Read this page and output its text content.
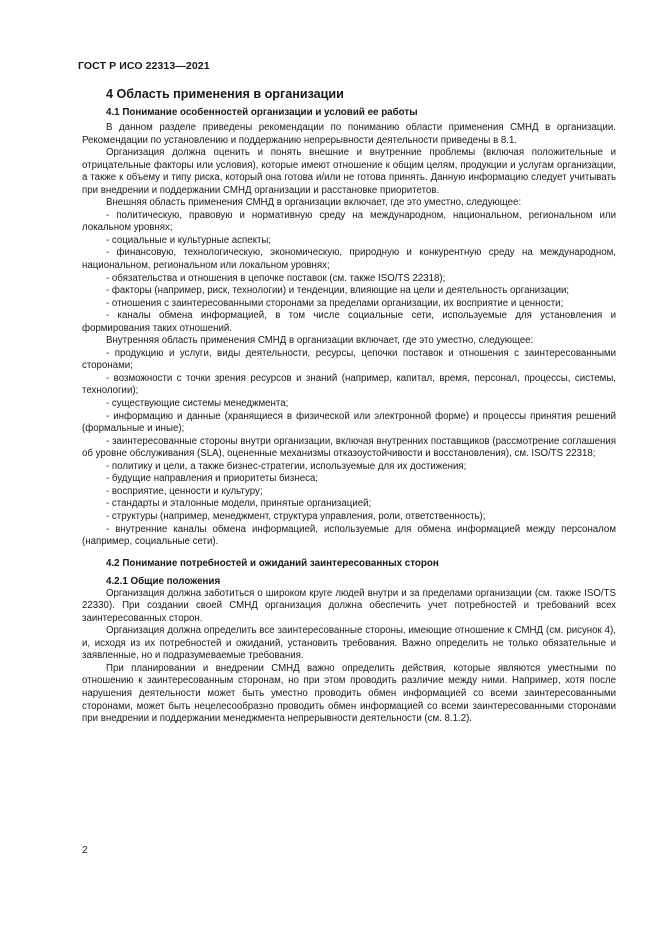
ГОСТ Р ИСО 22313—2021
4 Область применения в организации
4.1 Понимание особенностей организации и условий ее работы

В данном разделе приведены рекомендации по пониманию области применения СМНД в организации. Рекомендации по установлению и поддержанию непрерывности деятельности приведены в 8.1.

Организация должна оценить и понять внешние и внутренние проблемы (включая положительные и отрицательные факторы или условия), которые имеют отношение к общим целям, продукции и услугам организации, а также к объему и типу риска, который она готова и/или не готова принять. Данную информацию следует учитывать при внедрении и поддержании СМНД организации и расстановке приоритетов.

Внешняя область применения СМНД в организации включает, где это уместно, следующее:

- политическую, правовую и нормативную среду на международном, национальном, региональном или локальном уровнях;

- социальные и культурные аспекты;

- финансовую, технологическую, экономическую, природную и конкурентную среду на международном, национальном, региональном или локальном уровнях;

- обязательства и отношения в цепочке поставок (см. также ISO/TS 22318);

- факторы (например, риск, технологии) и тенденции, влияющие на цели и деятельность организации;

- отношения с заинтересованными сторонами за пределами организации, их восприятие и ценности;

- каналы обмена информацией, в том числе социальные сети, используемые для установления и формирования таких отношений.

Внутренняя область применения СМНД в организации включает, где это уместно, следующее:

- продукцию и услуги, виды деятельности, ресурсы, цепочки поставок и отношения с заинтересованными сторонами;

- возможности с точки зрения ресурсов и знаний (например, капитал, время, персонал, процессы, системы, технологии);

- существующие системы менеджмента;

- информацию и данные (хранящиеся в физической или электронной форме) и процессы принятия решений (формальные и иные);

- заинтересованные стороны внутри организации, включая внутренних поставщиков (рассмотрение соглашения об уровне обслуживания (SLA), оцененные механизмы отказоустойчивости и восстановления), см. ISO/TS 22318;

- политику и цели, а также бизнес-стратегии, используемые для их достижения;

- будущие направления и приоритеты бизнеса;

- восприятие, ценности и культуру;

- стандарты и эталонные модели, принятые организацией;

- структуры (например, менеджмент, структура управления, роли, ответственность);

- внутренние каналы обмена информацией, используемые для обмена информацией между персоналом (например, социальные сети).

4.2 Понимание потребностей и ожиданий заинтересованных сторон
4.2.1 Общие положения

Организация должна заботиться о широком круге людей внутри и за пределами организации (см. также ISO/TS 22330). При создании своей СМНД организация должна обеспечить учет потребностей и требований всех заинтересованных сторон.

Организация должна определить все заинтересованные стороны, имеющие отношение к СМНД (см. рисунок 4), и, исходя из их потребностей и ожиданий, установить требования. Важно определить не только обязательные и заявленные, но и подразумеваемые требования.

При планировании и внедрении СМНД важно определить действия, которые являются уместными по отношению к заинтересованным сторонам, но при этом проводить различие между ними. Например, хотя после нарушения деятельности может быть уместно проводить обмен информацией со всеми заинтересованными сторонами, может быть нецелесообразно проводить обмен информацией со всеми заинтересованными сторонами при внедрении и поддержании менеджмента непрерывности деятельности (см. 8.1.2).

2
